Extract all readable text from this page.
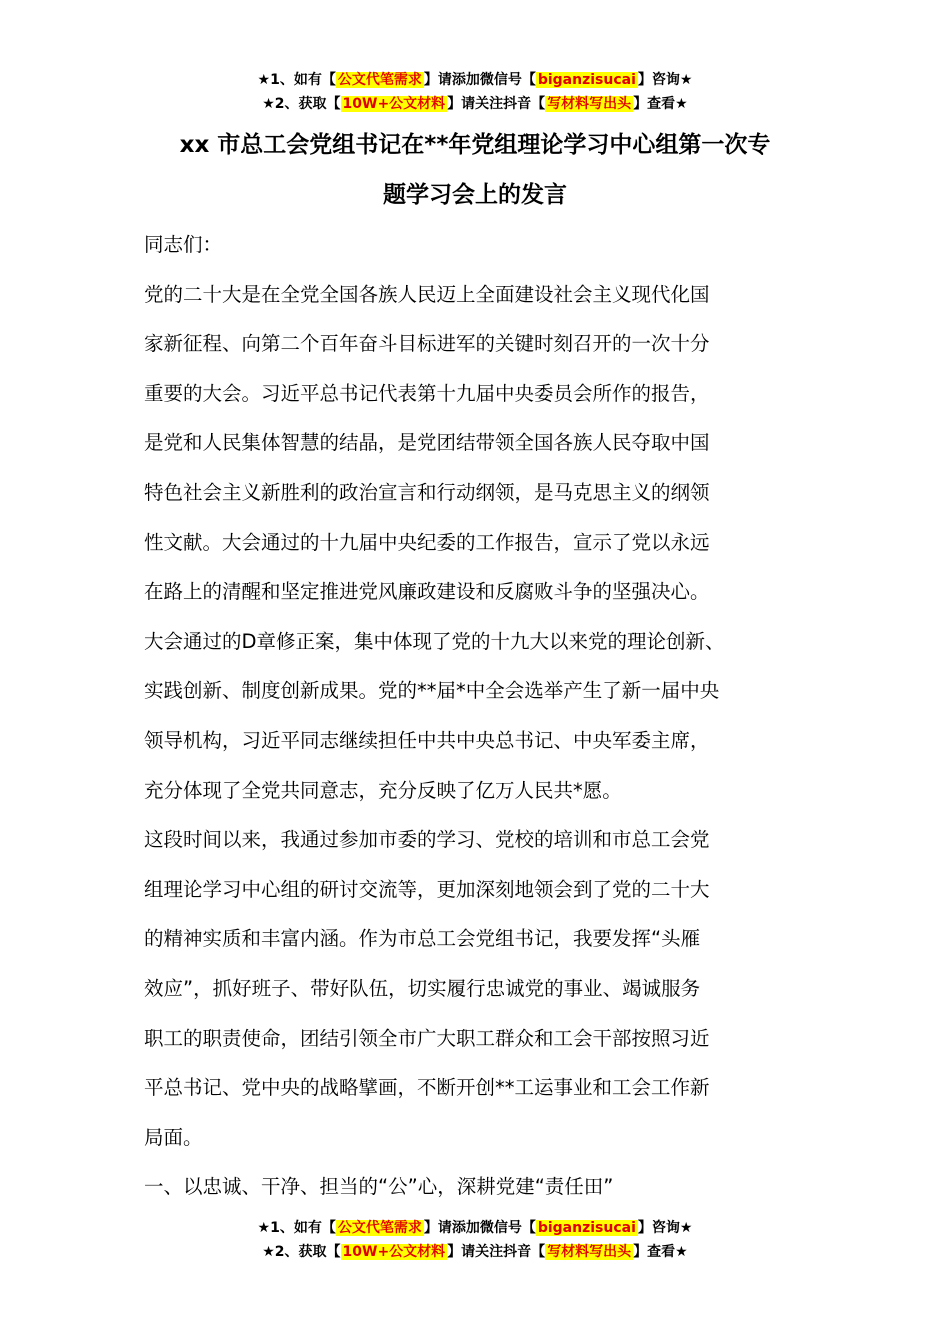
★1、如有【 公文代笔需求 】请添加微信号【 biganzisucai 】咨询★
★2、获取【 10W+公文材料 】请关注抖音【 写材料写出头 】查看★
xx 市总工会党组书记在**年党组理论学习中心组第一次专
题学习会上的发言
同志们：
党的二十大是在全党全国各族人民迈上全面建设社会主义现代化国
家新征程、向第二个百年奋斗目标进军的关键时刻召开的一次十分
重要的大会。习近平总书记代表第十九届中央委员会所作的报告，
是党和人民集体智慧的结晶，是党团结带领全国各族人民夺取中国
特色社会主义新胜利的政治宣言和行动纲领，是马克思主义的纲领
性文献。大会通过的十九届中央纪委的工作报告，宣示了党以永远
在路上的清醒和坚定推进党风廉政建设和反腐败斗争的坚强决心。
大会通过的D章修正案，集中体现了党的十九大以来党的理论创新、
实践创新、制度创新成果。党的**届*中全会选举产生了新一届中央
领导机构，习近平同志继续担任中共中央总书记、中央军委主席，
充分体现了全党共同意志，充分反映了亿万人民共*愿。
这段时间以来，我通过参加市委的学习、党校的培训和市总工会党
组理论学习中心组的研讨交流等，更加深刻地领会到了党的二十大
的精神实质和丰富内涵。作为市总工会党组书记，我要发挥“头雁
效应”，抓好班子、带好队伍，切实履行忠诚党的事业、竭诚服务
职工的职责使命，团结引领全市广大职工群众和工会干部按照习近
平总书记、党中央的战略擘画，不断开创**工运事业和工会工作新
局面。
一、以忠诚、干净、担当的“公”心，深耕党建“责任田”
★1、如有【 公文代笔需求 】请添加微信号【 biganzisucai 】咨询★
★2、获取【 10W+公文材料 】请关注抖音【 写材料写出头 】查看★
